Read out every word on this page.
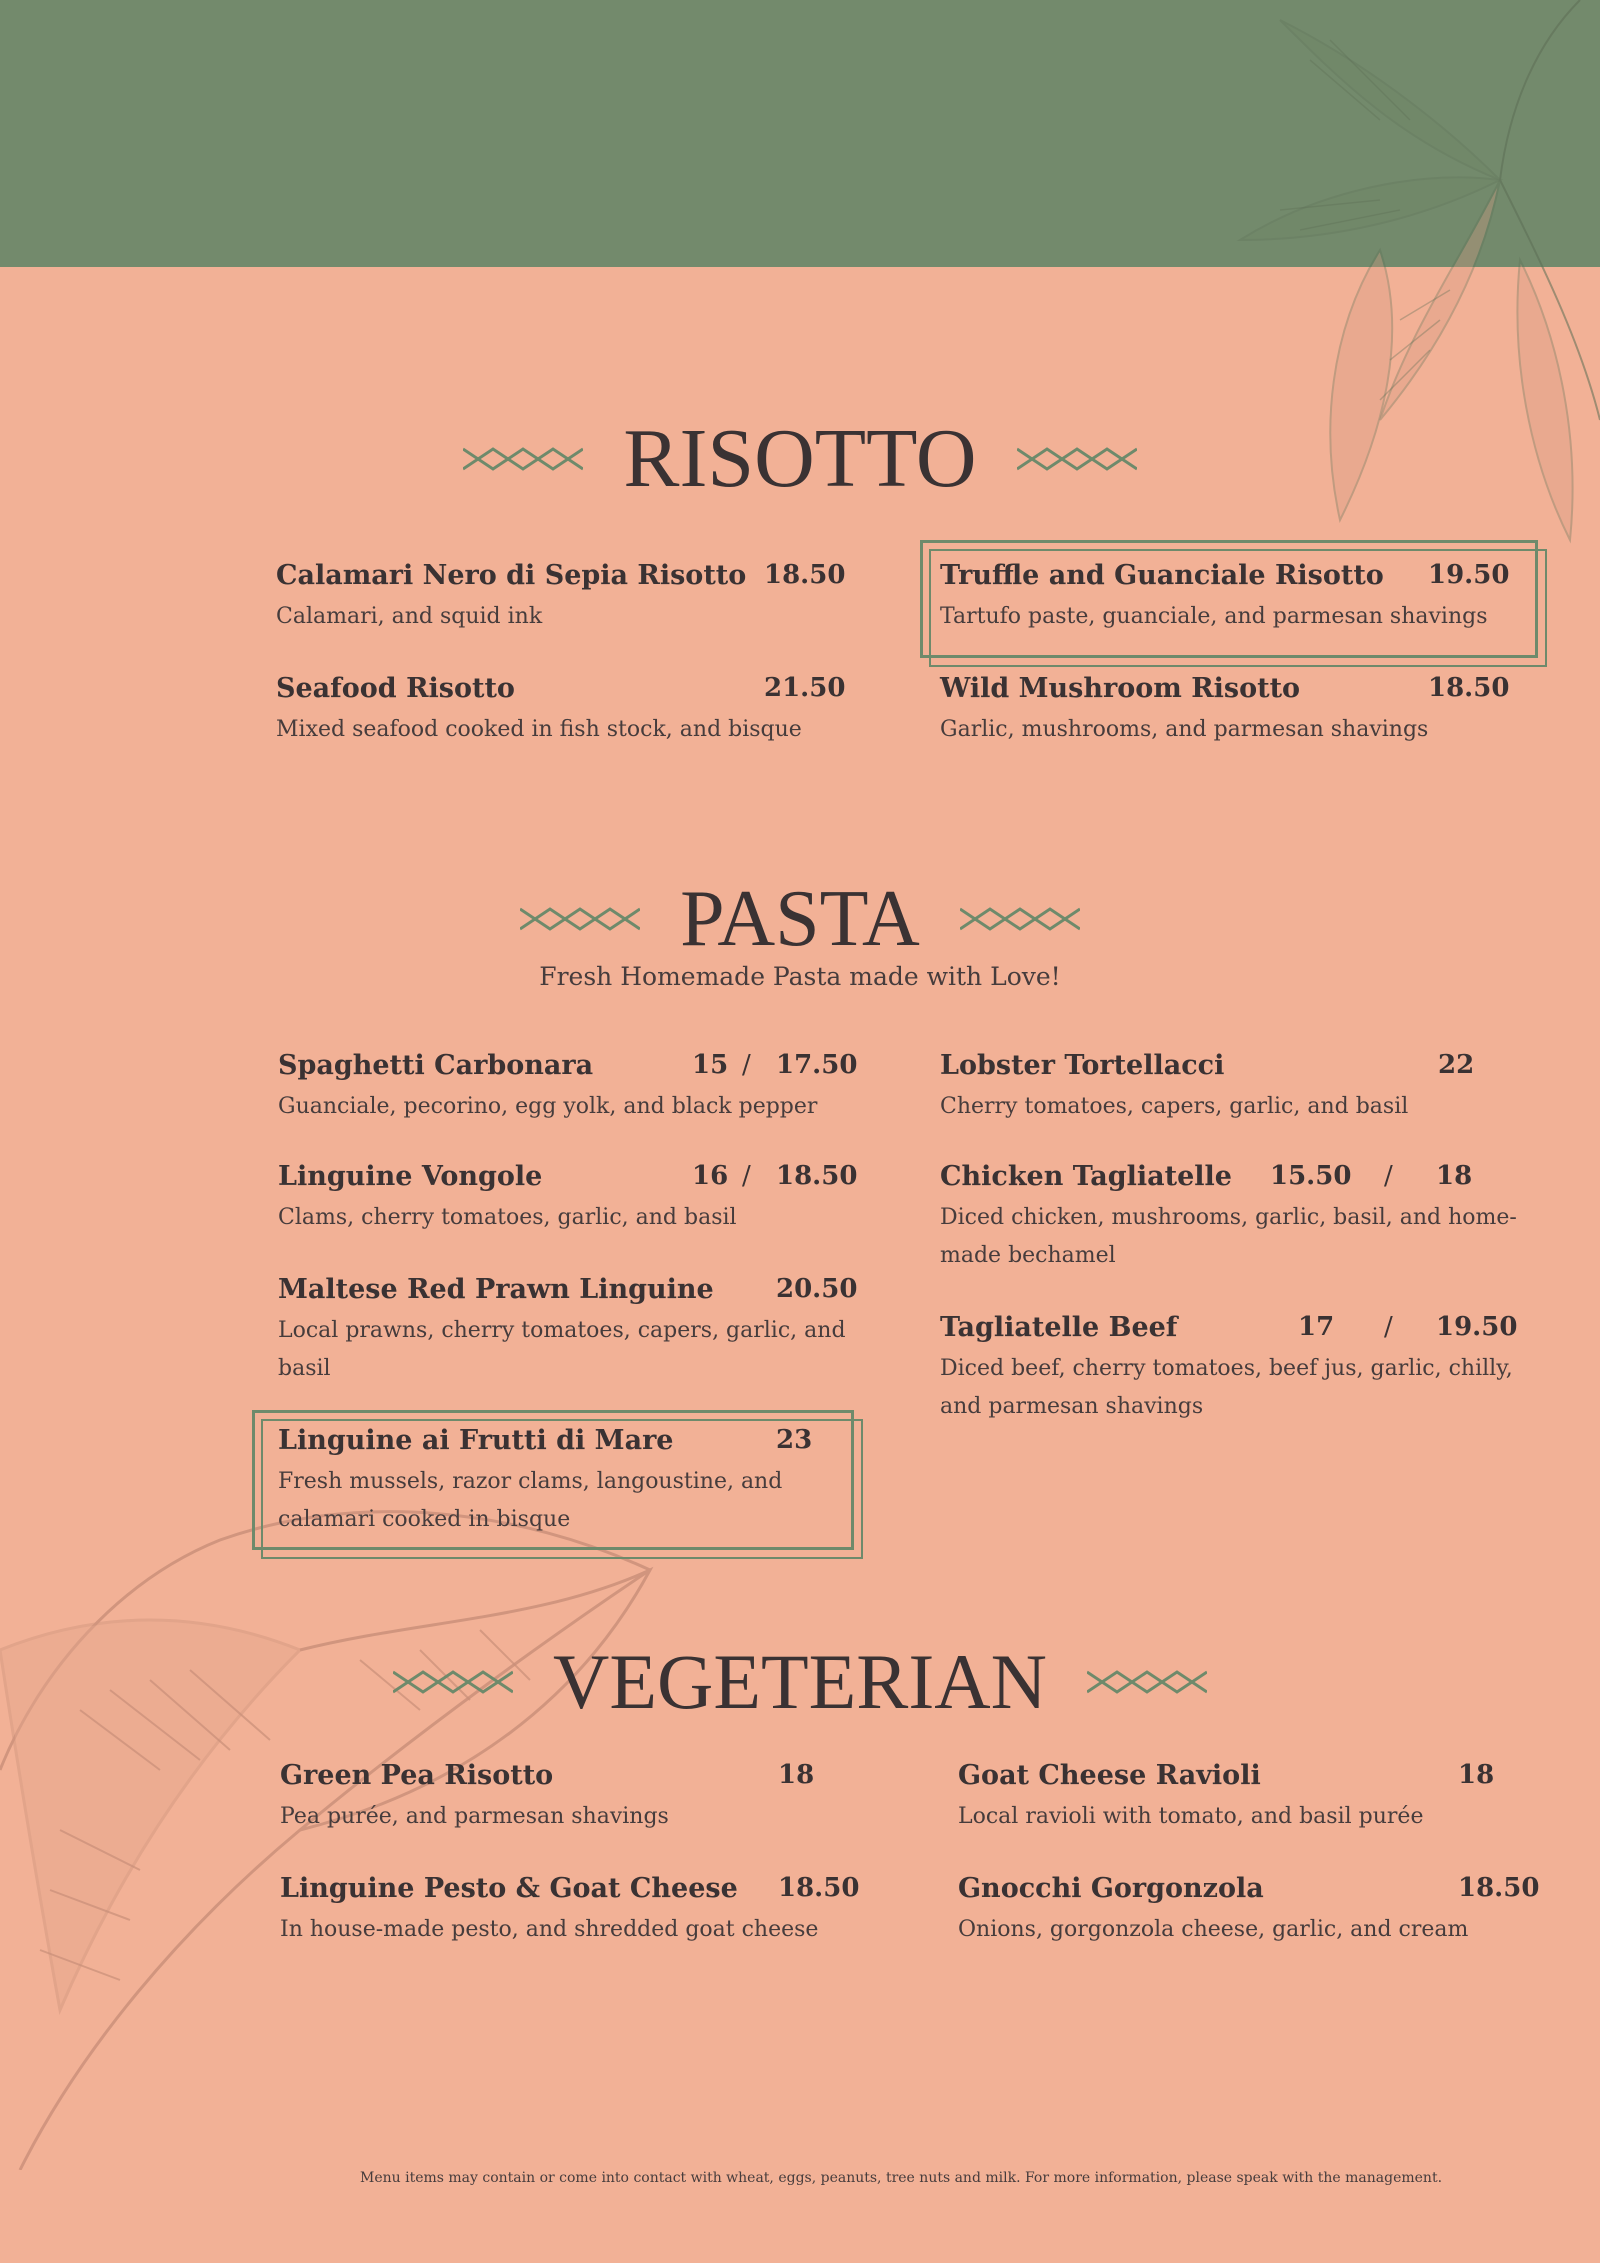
RISOTTO
Calamari Nero di Sepia Risotto 18.50
Calamari, and squid ink
Truffle and Guanciale Risotto 19.50
Tartufo paste, guanciale, and parmesan shavings
Seafood Risotto	21.50
Mixed seafood cooked in fish stock, and bisque
Wild Mushroom Risotto	18.50
Garlic, mushrooms, and parmesan shavings
PASTA
Fresh Homemade Pasta made with Love!
Spaghetti Carbonara	15 / 17.50
Guanciale, pecorino, egg yolk, and black pepper
Linguine Vongole	16 / 18.50
Clams, cherry tomatoes, garlic, and basil
Maltese Red Prawn Linguine 20.50
Local prawns, cherry tomatoes, capers, garlic, and
basil
Linguine ai Frutti di Mare	23
Fresh mussels, razor clams, langoustine, and
calamari cooked in bisque
Lobster Tortellacci	22
Cherry tomatoes, capers, garlic, and basil
Chicken Tagliatelle 15.50 / 18
Diced chicken, mushrooms, garlic, basil, and home-
made bechamel
Tagliatelle Beef	17 / 19.50
Diced beef, cherry tomatoes, beef jus, garlic, chilly,
and parmesan shavings
VEGETERIAN
Green Pea Risotto	18
Pea purée, and parmesan shavings
Goat Cheese Ravioli	18
Local ravioli with tomato, and basil purée
Linguine Pesto & Goat Cheese 18.50
In house-made pesto, and shredded goat cheese
Gnocchi Gorgonzola	18.50
Onions, gorgonzola cheese, garlic, and cream
Menu items may contain or come into contact with wheat, eggs, peanuts, tree nuts and milk. For more information, please speak with the management.
